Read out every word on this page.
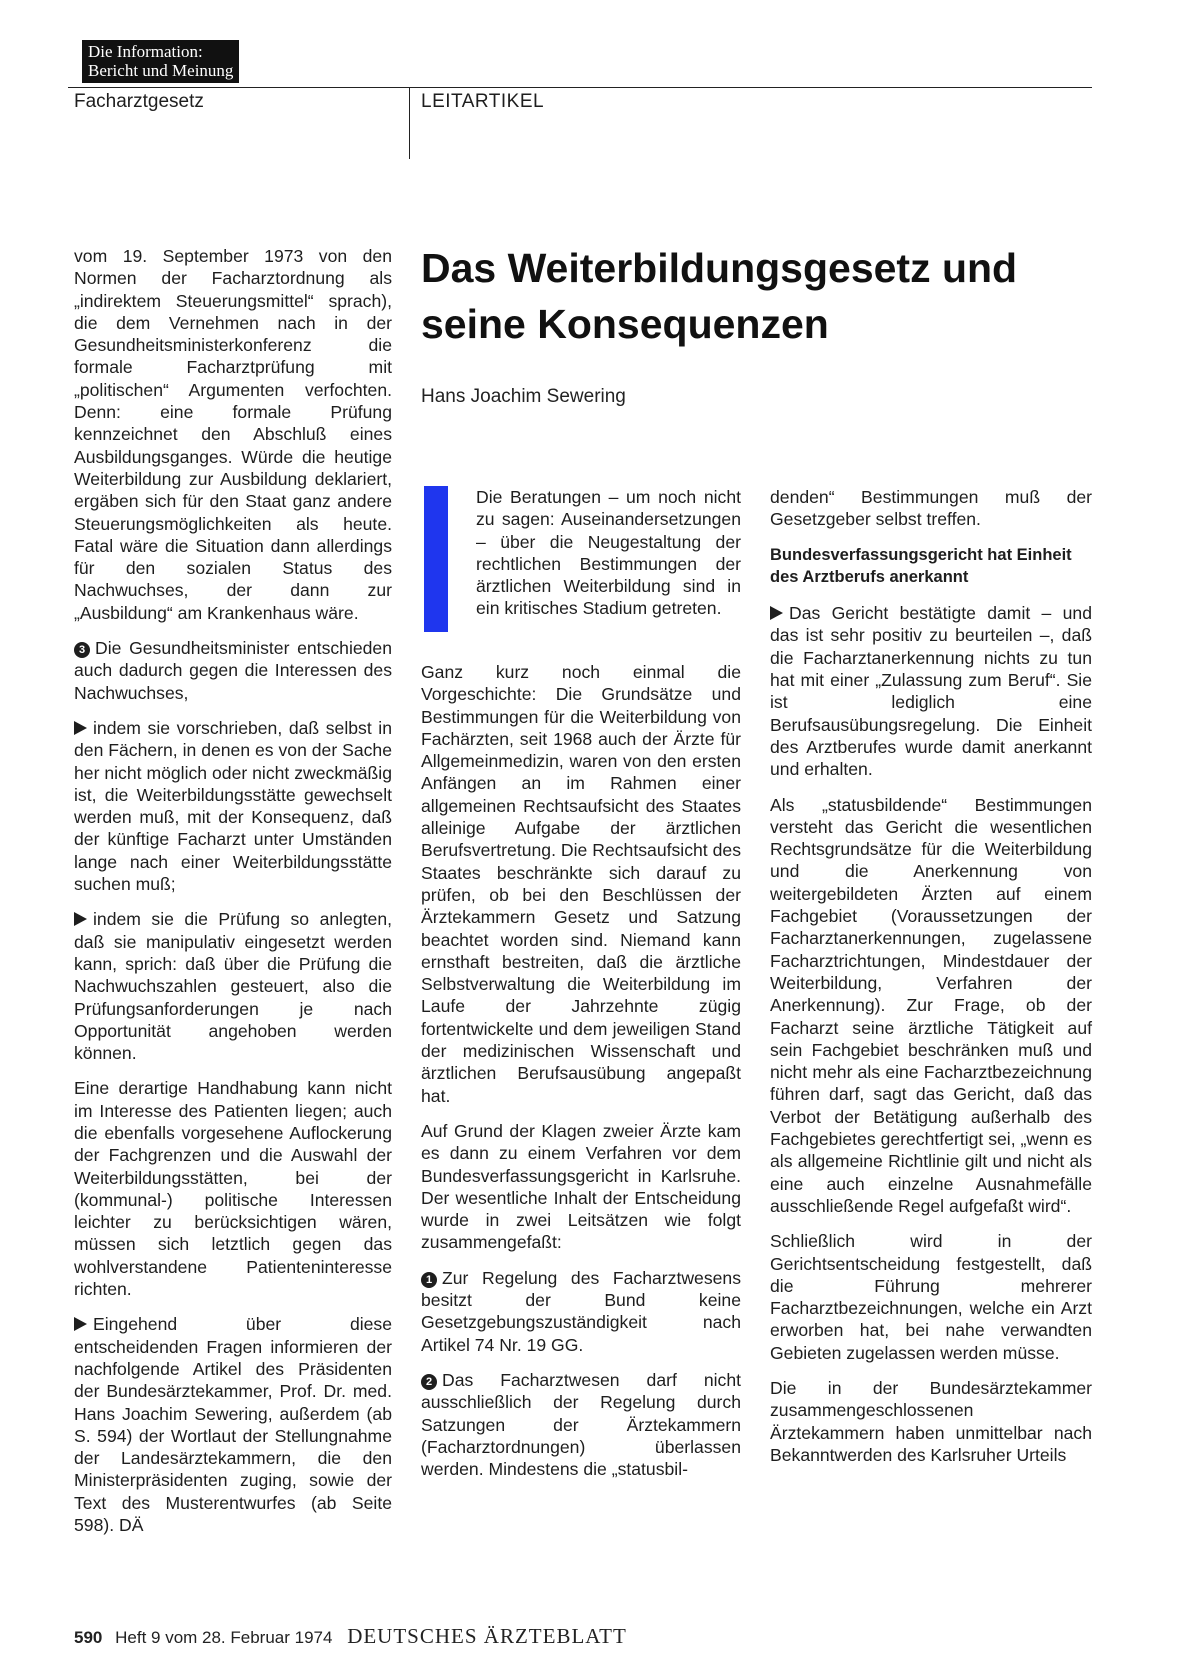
Die Information:
Bericht und Meinung
Facharztgesetz	LEITARTIKEL
Das Weiterbildungsgesetz und seine Konsequenzen
Hans Joachim Sewering

vom 19. September 1973 von den Normen der Facharztordnung als „indirektem Steuerungsmittel“ sprach), die dem Vernehmen nach in der Gesundheitsministerkonferenz die formale Facharztprüfung mit „politischen“ Argumenten verfochten. Denn: eine formale Prüfung kennzeichnet den Abschluß eines Ausbildungsganges. Würde die heutige Weiterbildung zur Ausbildung deklariert, ergäben sich für den Staat ganz andere Steuerungsmöglichkeiten als heute. Fatal wäre die Situation dann allerdings für den sozialen Status des Nachwuchses, der dann zur „Ausbildung“ am Krankenhaus wäre.

3 Die Gesundheitsminister entschieden auch dadurch gegen die Interessen des Nachwuchses,

indem sie vorschrieben, daß selbst in den Fächern, in denen es von der Sache her nicht möglich oder nicht zweckmäßig ist, die Weiterbildungsstätte gewechselt werden muß, mit der Konsequenz, daß der künftige Facharzt unter Umständen lange nach einer Weiterbildungsstätte suchen muß;

indem sie die Prüfung so anlegten, daß sie manipulativ eingesetzt werden kann, sprich: daß über die Prüfung die Nachwuchszahlen gesteuert, also die Prüfungsanforderungen je nach Opportunität angehoben werden können.

Eine derartige Handhabung kann nicht im Interesse des Patienten liegen; auch die ebenfalls vorgesehene Auflockerung der Fachgrenzen und die Auswahl der Weiterbildungsstätten, bei der (kommunal-) politische Interessen leichter zu berücksichtigen wären, müssen sich letztlich gegen das wohlverstandene Patienteninteresse richten.

Eingehend über diese entscheidenden Fragen informieren der nachfolgende Artikel des Präsidenten der Bundesärztekammer, Prof. Dr. med. Hans Joachim Sewering, außerdem (ab S. 594) der Wortlaut der Stellungnahme der Landesärztekammern, die den Ministerpräsidenten zuging, sowie der Text des Musterentwurfes (ab Seite 598). DÄ

Die Beratungen – um noch nicht zu sagen: Auseinandersetzungen – über die Neugestaltung der rechtlichen Bestimmungen der ärztlichen Weiterbildung sind in ein kritisches Stadium getreten.

Ganz kurz noch einmal die Vorgeschichte: Die Grundsätze und Bestimmungen für die Weiterbildung von Fachärzten, seit 1968 auch der Ärzte für Allgemeinmedizin, waren von den ersten Anfängen an im Rahmen einer allgemeinen Rechtsaufsicht des Staates alleinige Aufgabe der ärztlichen Berufsvertretung. Die Rechtsaufsicht des Staates beschränkte sich darauf zu prüfen, ob bei den Beschlüssen der Ärztekammern Gesetz und Satzung beachtet worden sind. Niemand kann ernsthaft bestreiten, daß die ärztliche Selbstverwaltung die Weiterbildung im Laufe der Jahrzehnte zügig fortentwickelte und dem jeweiligen Stand der medizinischen Wissenschaft und ärztlichen Berufsausübung angepaßt hat.

Auf Grund der Klagen zweier Ärzte kam es dann zu einem Verfahren vor dem Bundesverfassungsgericht in Karlsruhe. Der wesentliche Inhalt der Entscheidung wurde in zwei Leitsätzen wie folgt zusammengefaßt:

1 Zur Regelung des Facharztwesens besitzt der Bund keine Gesetzgebungszuständigkeit nach Artikel 74 Nr. 19 GG.

2 Das Facharztwesen darf nicht ausschließlich der Regelung durch Satzungen der Ärztekammern (Facharztordnungen) überlassen werden. Mindestens die „statusbil-

denden“ Bestimmungen muß der Gesetzgeber selbst treffen.

Bundesverfassungsgericht hat Einheit des Arztberufs anerkannt

Das Gericht bestätigte damit – und das ist sehr positiv zu beurteilen –, daß die Facharztanerkennung nichts zu tun hat mit einer „Zulassung zum Beruf“. Sie ist lediglich eine Berufsausübungsregelung. Die Einheit des Arztberufes wurde damit anerkannt und erhalten.

Als „statusbildende“ Bestimmungen versteht das Gericht die wesentlichen Rechtsgrundsätze für die Weiterbildung und die Anerkennung von weitergebildeten Ärzten auf einem Fachgebiet (Voraussetzungen der Facharztanerkennungen, zugelassene Facharztrichtungen, Mindestdauer der Weiterbildung, Verfahren der Anerkennung). Zur Frage, ob der Facharzt seine ärztliche Tätigkeit auf sein Fachgebiet beschränken muß und nicht mehr als eine Facharztbezeichnung führen darf, sagt das Gericht, daß das Verbot der Betätigung außerhalb des Fachgebietes gerechtfertigt sei, „wenn es als allgemeine Richtlinie gilt und nicht als eine auch einzelne Ausnahmefälle ausschließende Regel aufgefaßt wird“.

Schließlich wird in der Gerichtsentscheidung festgestellt, daß die Führung mehrerer Facharztbezeichnungen, welche ein Arzt erworben hat, bei nahe verwandten Gebieten zugelassen werden müsse.

Die in der Bundesärztekammer zusammengeschlossenen Ärztekammern haben unmittelbar nach Bekanntwerden des Karlsruher Urteils

590 Heft 9 vom 28. Februar 1974 DEUTSCHES ÄRZTEBLATT
